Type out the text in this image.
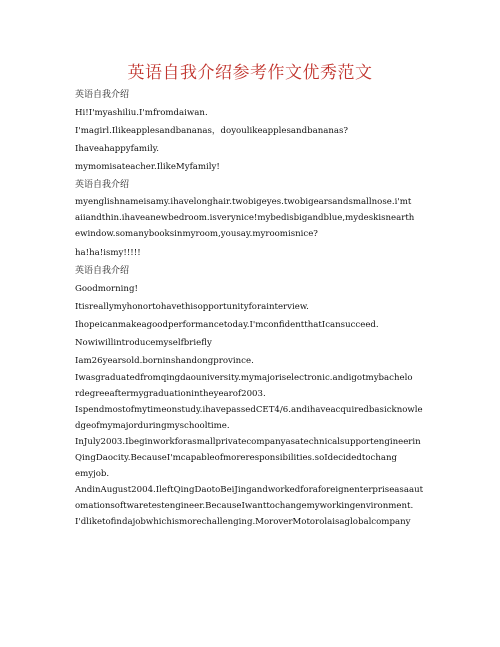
英语自我介绍参考作文优秀范文
英语自我介绍
Hi!I'myashiliu.I'mfromdaiwan.
I'magirl.Ilikeapplesandbananas，doyoulikeapplesandbananas?
Ihaveahappyfamily.
mymomisateacher.IlikeMyfamily!
英语自我介绍
myenglishnameisamy.ihavelonghair.twobigeyes.twobigearsandsmallnose.i'mt
aiiandthin.ihaveanewbedroom.isverynice!mybedisbigandblue,mydeskisnearth
ewindow.somanybooksinmyroom,yousay.myroomisnice?
ha!ha!ismy!!!!!
英语自我介绍
Goodmorning!
Itisreallymyhonortohavethisopportunityforainterview.
Ihopeicanmakeagoodperformancetoday.I'mconfidentthatIcansucceed.
Nowiwillintroducemyselfbriefly
Iam26yearsold.borninshandongprovince.
Iwasgraduatedfromqingdaouniversity.mymajoriselectronic.andigotmybachelo
rdegreeaftermygraduationintheyearof2003.
Ispendmostofmytimeonstudy.ihavepassedCET4/6.andihaveacquiredbasicknowle
dgeofmymajorduringmyschooltime.
InJuly2003.IbeginworkforasmallprivatecompanyasatechnicalsupportengineerinQingDaocity.BecauseI'mcapableofmoreresponsibilities.soIdecidedtochang
emyjob.
AndinAugust2004.IleftQingDaotoBeiJingandworkedforaforeignenterpriseasaautomationsoftwaretestengineer.BecauseIwanttochangemyworkingenvironment.
I'dliketofindajobwhichismorechallenging.MoroverMotorolaisaglobalcompany
